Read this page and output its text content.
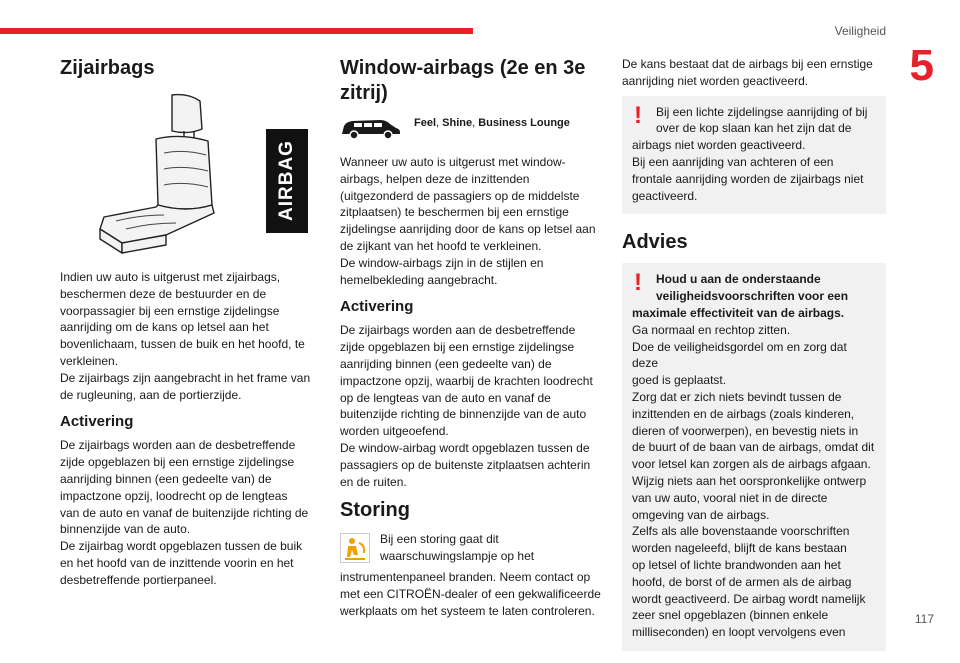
Veiligheid
5
117
Zijairbags
AIRBAG

Indien uw auto is uitgerust met zijairbags,
beschermen deze de bestuurder en de
voorpassagier bij een ernstige zijdelingse
aanrijding om de kans op letsel aan het
bovenlichaam, tussen de buik en het hoofd, te
verkleinen.
De zijairbags zijn aangebracht in het frame van
de rugleuning, aan de portierzijde.

Activering

De zijairbags worden aan de desbetreffende
zijde opgeblazen bij een ernstige zijdelingse
aanrijding binnen (een gedeelte van) de
impactzone opzij, loodrecht op de lengteas
van de auto en vanaf de buitenzijde richting de
binnenzijde van de auto.
De zijairbag wordt opgeblazen tussen de buik
en het hoofd van de inzittende voorin en het
desbetreffende portierpaneel.

Window-airbags (2e en 3e
zitrij)
Feel, Shine, Business Lounge

Wanneer uw auto is uitgerust met window-
airbags, helpen deze de inzittenden
(uitgezonderd de passagiers op de middelste
zitplaatsen) te beschermen bij een ernstige
zijdelingse aanrijding door de kans op letsel aan
de zijkant van het hoofd te verkleinen.
De window-airbags zijn in de stijlen en
hemelbekleding aangebracht.

Activering

De zijairbags worden aan de desbetreffende
zijde opgeblazen bij een ernstige zijdelingse
aanrijding binnen (een gedeelte van) de
impactzone opzij, waarbij de krachten loodrecht
op de lengteas van de auto en vanaf de
buitenzijde richting de binnenzijde van de auto
worden uitgeoefend.
De window-airbag wordt opgeblazen tussen de
passagiers op de buitenste zitplaatsen achterin
en de ruiten.

Storing

Bij een storing gaat dit
waarschuwingslampje op het

instrumentenpaneel branden. Neem contact op
met een CITROËN-dealer of een gekwalificeerde
werkplaats om het systeem te laten controleren.

De kans bestaat dat de airbags bij een ernstige
aanrijding niet worden geactiveerd.

!	Bij een lichte zijdelingse aanrijding of bij
over de kop slaan kan het zijn dat de

airbags niet worden geactiveerd.
Bij een aanrijding van achteren of een
frontale aanrijding worden de zijairbags niet
geactiveerd.

Advies
!	Houd u aan de onderstaande
veiligheidsvoorschriften voor een

maximale effectiviteit van de airbags.

Ga normaal en rechtop zitten.
Doe de veiligheidsgordel om en zorg dat deze
goed is geplaatst.
Zorg dat er zich niets bevindt tussen de
inzittenden en de airbags (zoals kinderen,
dieren of voorwerpen), en bevestig niets in
de buurt of de baan van de airbags, omdat dit
voor letsel kan zorgen als de airbags afgaan.
Wijzig niets aan het oorspronkelijke ontwerp
van uw auto, vooral niet in de directe
omgeving van de airbags.
Zelfs als alle bovenstaande voorschriften
worden nageleefd, blijft de kans bestaan
op letsel of lichte brandwonden aan het
hoofd, de borst of de armen als de airbag
wordt geactiveerd. De airbag wordt namelijk
zeer snel opgeblazen (binnen enkele
milliseconden) en loopt vervolgens even
